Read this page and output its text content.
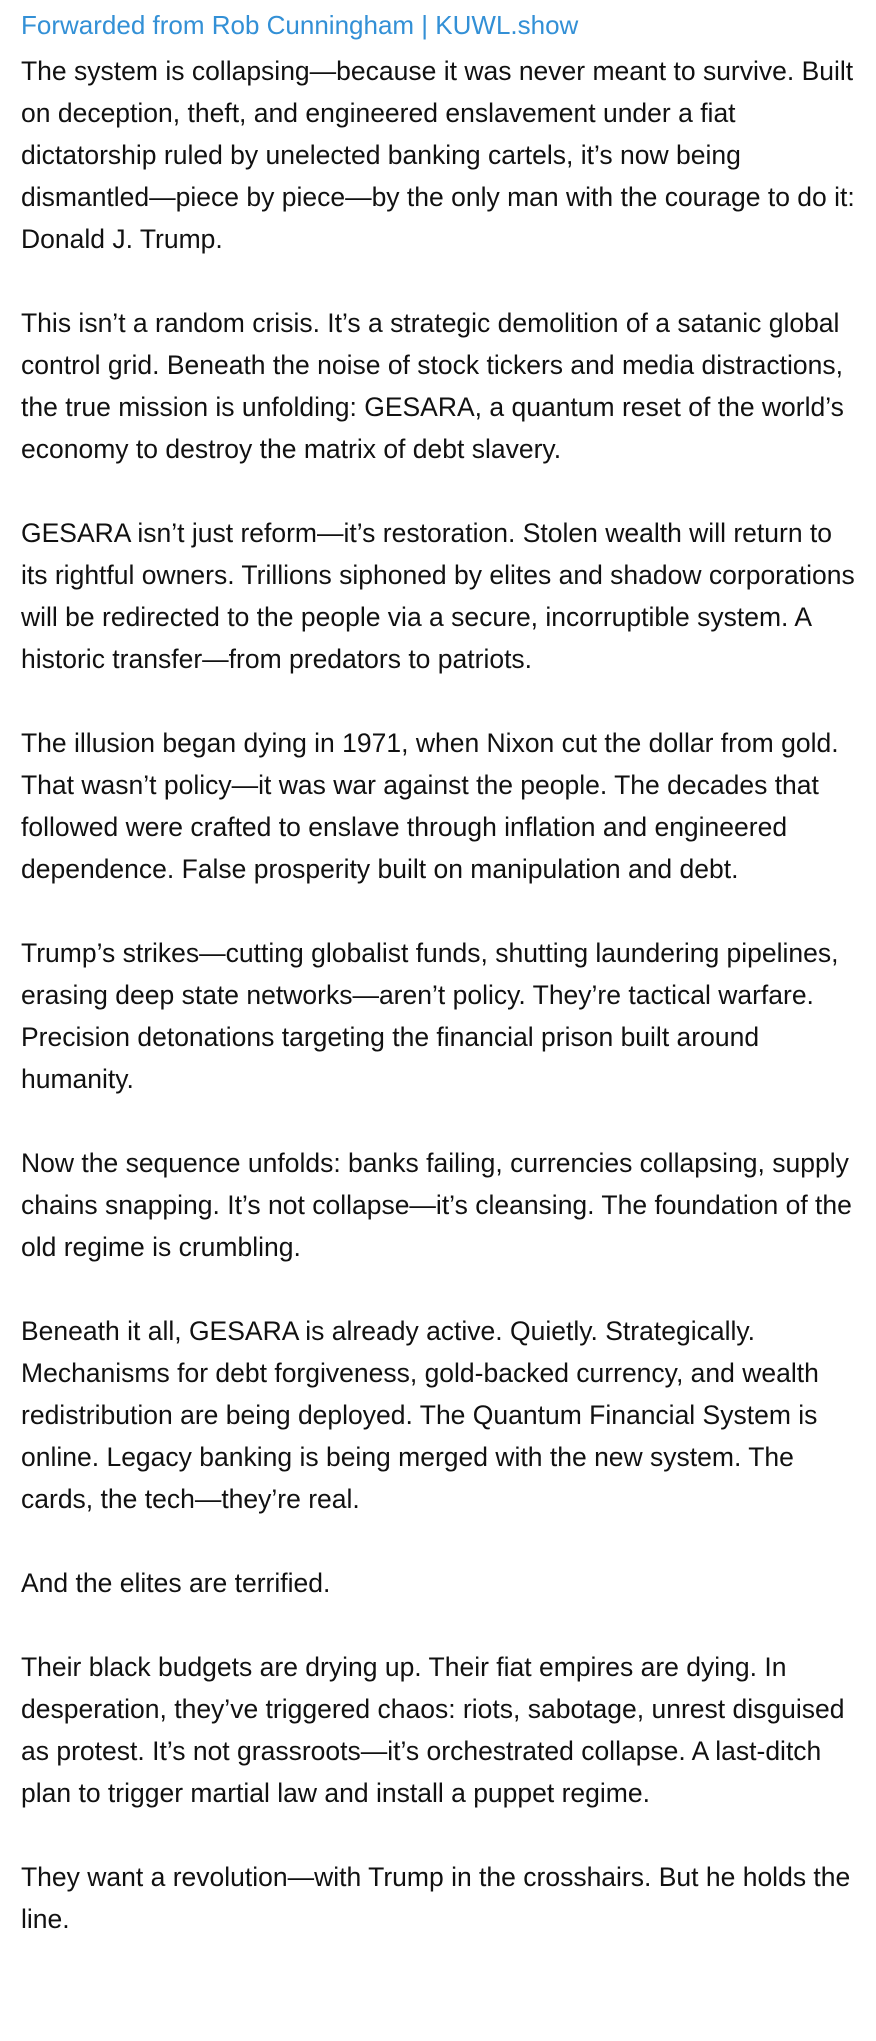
Forwarded from Rob Cunningham | KUWL.show
The system is collapsing—because it was never meant to survive. Built on deception, theft, and engineered enslavement under a fiat dictatorship ruled by unelected banking cartels, it’s now being dismantled—piece by piece—by the only man with the courage to do it: Donald J. Trump.
This isn’t a random crisis. It’s a strategic demolition of a satanic global control grid. Beneath the noise of stock tickers and media distractions, the true mission is unfolding: GESARA, a quantum reset of the world’s economy to destroy the matrix of debt slavery.
GESARA isn’t just reform—it’s restoration. Stolen wealth will return to its rightful owners. Trillions siphoned by elites and shadow corporations will be redirected to the people via a secure, incorruptible system. A historic transfer—from predators to patriots.
The illusion began dying in 1971, when Nixon cut the dollar from gold. That wasn’t policy—it was war against the people. The decades that followed were crafted to enslave through inflation and engineered dependence. False prosperity built on manipulation and debt.
Trump’s strikes—cutting globalist funds, shutting laundering pipelines, erasing deep state networks—aren’t policy. They’re tactical warfare. Precision detonations targeting the financial prison built around humanity.
Now the sequence unfolds: banks failing, currencies collapsing, supply chains snapping. It’s not collapse—it’s cleansing. The foundation of the old regime is crumbling.
Beneath it all, GESARA is already active. Quietly. Strategically. Mechanisms for debt forgiveness, gold-backed currency, and wealth redistribution are being deployed. The Quantum Financial System is online. Legacy banking is being merged with the new system. The cards, the tech—they’re real.
And the elites are terrified.
Their black budgets are drying up. Their fiat empires are dying. In desperation, they’ve triggered chaos: riots, sabotage, unrest disguised as protest. It’s not grassroots—it’s orchestrated collapse. A last-ditch plan to trigger martial law and install a puppet regime.
They want a revolution—with Trump in the crosshairs. But he holds the line.
